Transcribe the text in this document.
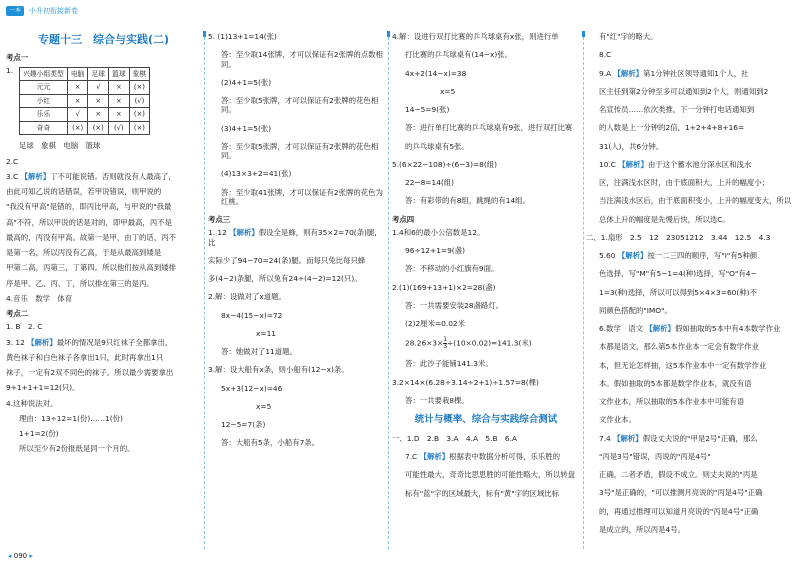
一本	小升初衔接新卷
专题十三　综合与实践(二)
考点一
1. 兴趣小组类型	电脑	足球	篮球	象棋
元元	×	√	×	(×)
小红	×	×	×	(√)
乐乐	√	×	×	(×)
奇奇	(×)	(×)	(√)	(×)

足球　象棋　电脑　篮球

2.C

3.C 【解析】丁不可能说错。否则就没有人最高了，

由此可知乙说的话错误，若甲说错误，则甲说的

"我没有甲高"是错的，即丙比甲高，与甲说的"我最

高"不符，所以甲说的话是对的，即甲最高，丙不是

最高的，丙没有甲高。故第一是甲，由丁的话，丙不

是第一名，所以丙没有乙高，于是从最高到矮是

甲第二高，丙第三，丁第四。所以他们按从高到矮排

序是甲、乙、丙、丁，所以排在第三的是丙。

4.音乐　数学　体育

考点二

1. B　2. C

3. 12 【解析】最坏的情况是9只红袜子全都拿出，

黄色袜子和白色袜子各拿出1只，此时再拿出1只

袜子，一定有2双不同色的袜子。所以最少需要拿出

9+1+1+1=12(只)。

4.这种说法对。

理由：13÷12=1(份)……1(份)

1+1=2(份)

所以至少有2份报纸是同一个月的。

5. (1)13+1=14(张)

答：至少取14张牌，才可以保证有2张牌的点数相同。

(2)4+1=5(张)

答：至少取5张牌，才可以保证有2张牌的花色相同。

(3)4+1=5(张)

答：至少取5张牌，才可以保证有2张牌的花色相同。

(4)13×3+2=41(张)

答：至少取41张牌，才可以保证有2张牌的花色为红桃。

考点三

1. 12 【解析】假设全是蜂，则有35×2=70(条)腿，比

实际少了94−70=24(条)腿。而每只兔比每只蜂

多(4−2)条腿，所以兔有24÷(4−2)=12(只)。

2.解：设做对了x道题。

8x−4(15−x)=72

x=11

答：她做对了11道题。

3.解：设大船有x条，则小船有(12−x)条。

5x+3(12−x)=46

x=5

12−5=7(条)

答：大船有5条，小船有7条。

4.解：设进行双打比赛的乒乓球桌有x张，则进行单

打比赛的乒乓球桌有(14−x)张。

4x+2(14−x)=38

x=5

14−5=9(张)

答：进行单打比赛的乒乓球桌有9张，进行双打比赛

的乒乓球桌有5张。

5.(6×22−108)÷(6−3)=8(组)

22−8=14(组)

答：有彩带的有8组，跳绳的有14组。

考点四

1.4和6的最小公倍数是12。

96÷12+1=9(盏)

答：不移动的小红旗有9面。

2.(1)(169+13+1)×2=28(盏)

答：一共需要安装28盏路灯。

(2)2厘米=0.02米

$28.26\times 3\times \frac{1}{3} \div(10\times 0.02)=141.3$(米)

答：此沙子能铺141.3米。

3.2×14×(6.28÷3.14÷2+1)÷1.57=8(棵)

答：一共要栽8棵。

统计与概率、综合与实践综合测试

一、1.D　2.B　3.A　4.A　5.B　6.A

7.C 【解析】根据表中数据分析可得，乐乐胜的

可能性最大，奇奇比思思胜的可能性略大，所以转盘

标有"蓝"字的区域最大，标有"黄"字的区域比标

有"红"字的略大。

8.C

9.A 【解析】第1分钟社区领导通知1个人，社

区主任到第2分钟至多可以通知到2个人，则通知到2

名宣传员……依次类推，下一分钟打电话通知到

的人数是上一分钟的2倍，1+2+4+8+16=

31(人)，共6分钟。

10.C 【解析】由于这个蓄水池分深水区和浅水

区，注满浅水区时，由于底面积大，上升的幅度小；

当注满浅水区后，由于底面积变小，上升的幅度变大，所以

总体上升的幅度是先慢后快，所以选C。

二、1.扇形　2.5　12　23051212　3.44　12.5　4.3

5.60 【解析】按一二三四的顺序，写"I"有5种颜

色选择，写"M"有5−1=4(种)选择，写"O"有4−

1=3(种)选择，所以可以得到5×4×3=60(种)不

同颜色搭配的"IMO"。

6.数学　语文 【解析】假如抽取的5本中有4本数学作业

本都是语文，那么第5本作业本一定会有数学作业

本，但无论怎样抽，这5本作业本中一定有数学作业

本。假如抽取的5本都是数学作业本，就没有语

文作业本，所以抽取的5本作业本中可能有语

文作业本。

7.4 【解析】假设丈夫说的"甲是2号"正确，那么

"丙是3号"错误，丙说的"丙是4号"

正确，二者矛盾，假设不成立。则丈夫说的"丙是

3号"是正确的，"可以推测月亮说的"丙是4号"正确

的，再通过推理可以知道月亮说的"丙是4号"正确

是成立的，所以丙是4号。

◂ 090 ▸
